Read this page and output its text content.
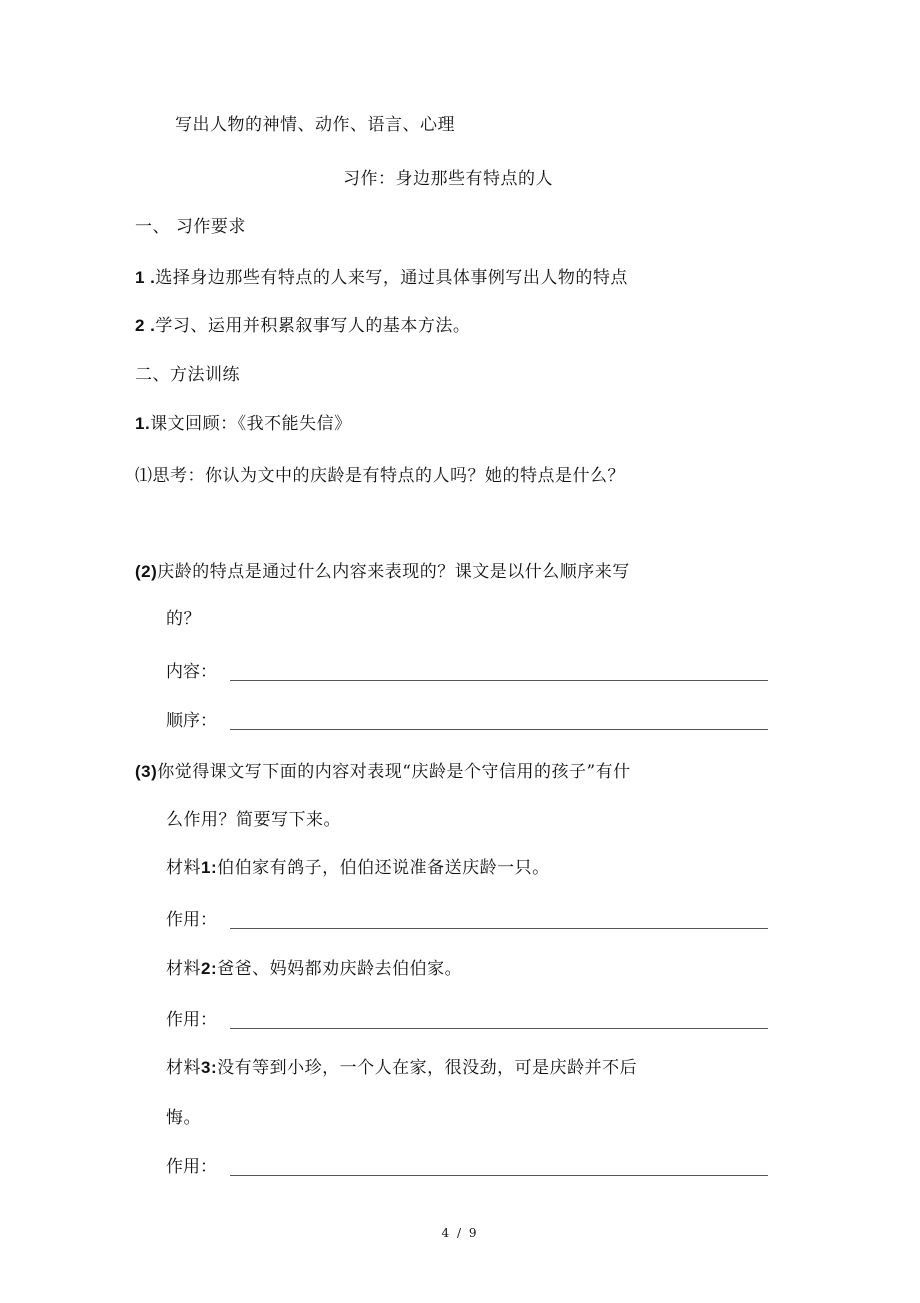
写出人物的神情、动作、语言、心理
习作：身边那些有特点的人
一、 习作要求
1 .选择身边那些有特点的人来写，通过具体事例写出人物的特点
2 .学习、运用并积累叙事写人的基本方法。
二、方法训练
1.课文回顾：《我不能失信》
⑴思考：你认为文中的庆龄是有特点的人吗？她的特点是什么？
(2)庆龄的特点是通过什么内容来表现的？课文是以什么顺序来写
的？
内容：
顺序：
(3)你觉得课文写下面的内容对表现“庆龄是个守信用的孩子”有什
么作用？简要写下来。
材料1:伯伯家有鸽子，伯伯还说准备送庆龄一只。
作用：
材料2:爸爸、妈妈都劝庆龄去伯伯家。
作用：
材料3:没有等到小珍，一个人在家，很没劲，可是庆龄并不后
悔。
作用：
4 / 9
